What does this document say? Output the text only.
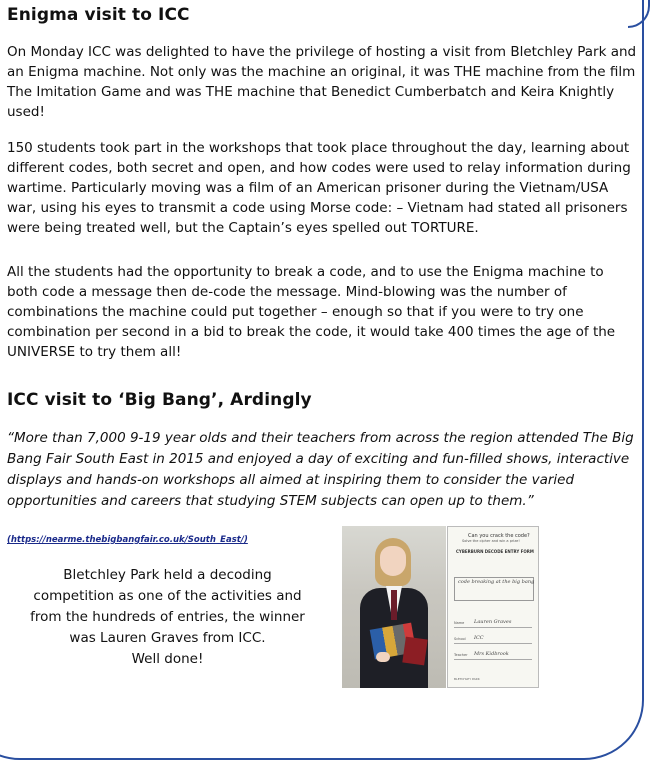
Enigma visit to ICC

On Monday ICC was delighted to have the privilege of hosting a visit from Bletchley Park and an Enigma machine. Not only was the machine an original, it was THE machine from the film The Imitation Game and was THE machine that Benedict Cumberbatch and Keira Knightly used!

150 students took part in the workshops that took place throughout the day, learning about different codes, both secret and open, and how codes were used to relay information during wartime. Particularly moving was a film of an American prisoner during the Vietnam/USA war, using his eyes to transmit a code using Morse code: – Vietnam had stated all prisoners were being treated well, but the Captain’s eyes spelled out TORTURE.

All the students had the opportunity to break a code, and to use the Enigma machine to both code a message then de-code the message. Mind-blowing was the number of combinations the machine could put together – enough so that if you were to try one combination per second in a bid to break the code, it would take 400 times the age of the UNIVERSE to try them all!

ICC visit to ‘Big Bang’, Ardingly

“More than 7,000 9-19 year olds and their teachers from across the region attended The Big Bang Fair South East in 2015 and enjoyed a day of exciting and fun-filled shows, interactive displays and hands-on workshops all aimed at inspiring them to consider the varied opportunities and careers that studying STEM subjects can open up to them.”

(https://nearme.thebigbangfair.co.uk/South_East/)
Bletchley Park held a decoding
competition as one of the activities and
from the hundreds of entries, the winner
was Lauren Graves from ICC.
Well done!
Can you crack the code?
Solve the cipher and win a prize!
CYBERBURN DECODE ENTRY FORM
code breaking at the big bang
Name Lauren Graves
School ICC
Teacher Mrs Kidbrook
BLETCHLEY PARK
